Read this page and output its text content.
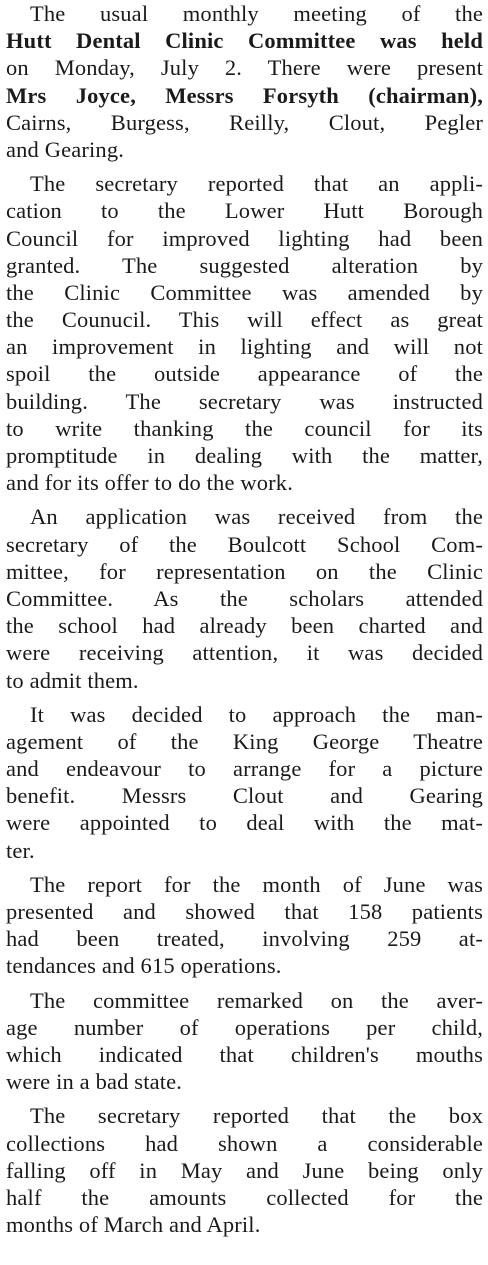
The usual monthly meeting of the
Hutt Dental Clinic Committee was held
on Monday, July 2. There were present
Mrs Joyce, Messrs Forsyth (chairman),
Cairns, Burgess, Reilly, Clout, Pegler
and Gearing.
The secretary reported that an appli-
cation to the Lower Hutt Borough
Council for improved lighting had been
granted. The suggested alteration by
the Clinic Committee was amended by
the Counucil. This will effect as great
an improvement in lighting and will not
spoil the outside appearance of the
building. The secretary was instructed
to write thanking the council for its
promptitude in dealing with the matter,
and for its offer to do the work.
An application was received from the
secretary of the Boulcott School Com-
mittee, for representation on the Clinic
Committee. As the scholars attended
the school had already been charted and
were receiving attention, it was decided
to admit them.
It was decided to approach the man-
agement of the King George Theatre
and endeavour to arrange for a picture
benefit. Messrs Clout and Gearing
were appointed to deal with the mat-
ter.
The report for the month of June was
presented and showed that 158 patients
had been treated, involving 259 at-
tendances and 615 operations.
The committee remarked on the aver-
age number of operations per child,
which indicated that children's mouths
were in a bad state.
The secretary reported that the box
collections had shown a considerable
falling off in May and June being only
half the amounts collected for the
months of March and April.
